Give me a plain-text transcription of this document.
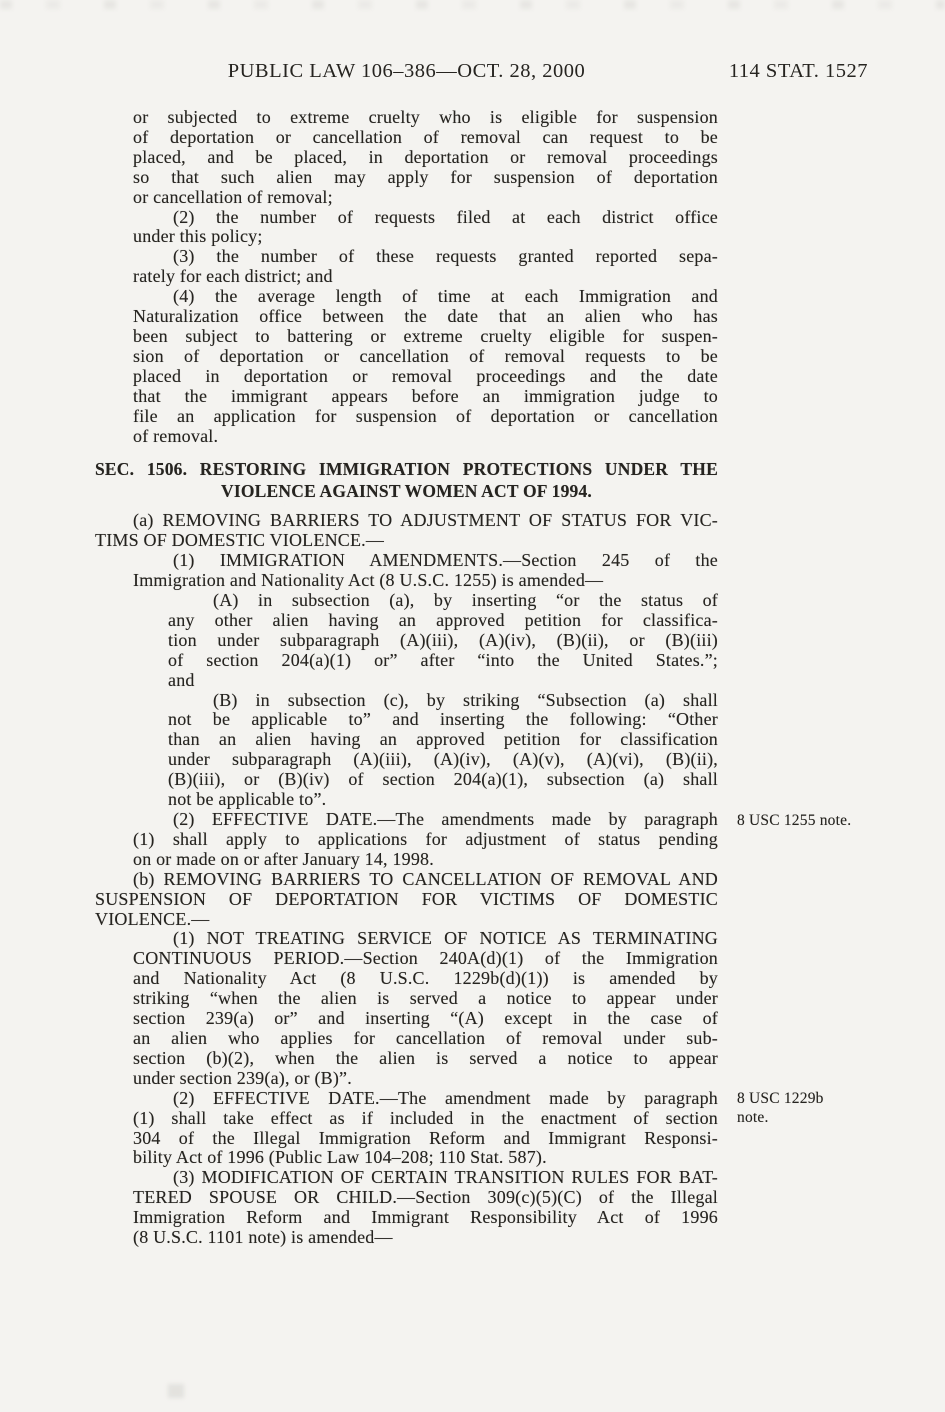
PUBLIC LAW 106–386—OCT. 28, 2000	114 STAT. 1527
or subjected to extreme cruelty who is eligible for suspension
of deportation or cancellation of removal can request to be
placed, and be placed, in deportation or removal proceedings
so that such alien may apply for suspension of deportation
or cancellation of removal;
(2) the number of requests filed at each district office
under this policy;
(3) the number of these requests granted reported sepa-
rately for each district; and
(4) the average length of time at each Immigration and
Naturalization office between the date that an alien who has
been subject to battering or extreme cruelty eligible for suspen-
sion of deportation or cancellation of removal requests to be
placed in deportation or removal proceedings and the date
that the immigrant appears before an immigration judge to
file an application for suspension of deportation or cancellation
of removal.
SEC. 1506. RESTORING IMMIGRATION PROTECTIONS UNDER THE
VIOLENCE AGAINST WOMEN ACT OF 1994.
(a) REMOVING BARRIERS TO ADJUSTMENT OF STATUS FOR VIC-
TIMS OF DOMESTIC VIOLENCE.—
(1) IMMIGRATION AMENDMENTS.—Section 245 of the
Immigration and Nationality Act (8 U.S.C. 1255) is amended—
(A) in subsection (a), by inserting “or the status of
any other alien having an approved petition for classifica-
tion under subparagraph (A)(iii), (A)(iv), (B)(ii), or (B)(iii)
of section 204(a)(1) or” after “into the United States.”;
and
(B) in subsection (c), by striking “Subsection (a) shall
not be applicable to” and inserting the following: “Other
than an alien having an approved petition for classification
under subparagraph (A)(iii), (A)(iv), (A)(v), (A)(vi), (B)(ii),
(B)(iii), or (B)(iv) of section 204(a)(1), subsection (a) shall
not be applicable to”.
(2) EFFECTIVE DATE.—The amendments made by paragraph
(1) shall apply to applications for adjustment of status pending
on or made on or after January 14, 1998.
(b) REMOVING BARRIERS TO CANCELLATION OF REMOVAL AND
SUSPENSION OF DEPORTATION FOR VICTIMS OF DOMESTIC
VIOLENCE.—
(1) NOT TREATING SERVICE OF NOTICE AS TERMINATING
CONTINUOUS PERIOD.—Section 240A(d)(1) of the Immigration
and Nationality Act (8 U.S.C. 1229b(d)(1)) is amended by
striking “when the alien is served a notice to appear under
section 239(a) or” and inserting “(A) except in the case of
an alien who applies for cancellation of removal under sub-
section (b)(2), when the alien is served a notice to appear
under section 239(a), or (B)”.
(2) EFFECTIVE DATE.—The amendment made by paragraph
(1) shall take effect as if included in the enactment of section
304 of the Illegal Immigration Reform and Immigrant Responsi-
bility Act of 1996 (Public Law 104–208; 110 Stat. 587).
(3) MODIFICATION OF CERTAIN TRANSITION RULES FOR BAT-
TERED SPOUSE OR CHILD.—Section 309(c)(5)(C) of the Illegal
Immigration Reform and Immigrant Responsibility Act of 1996
(8 U.S.C. 1101 note) is amended—
8 USC 1255 note.
8 USC 1229b
note.
